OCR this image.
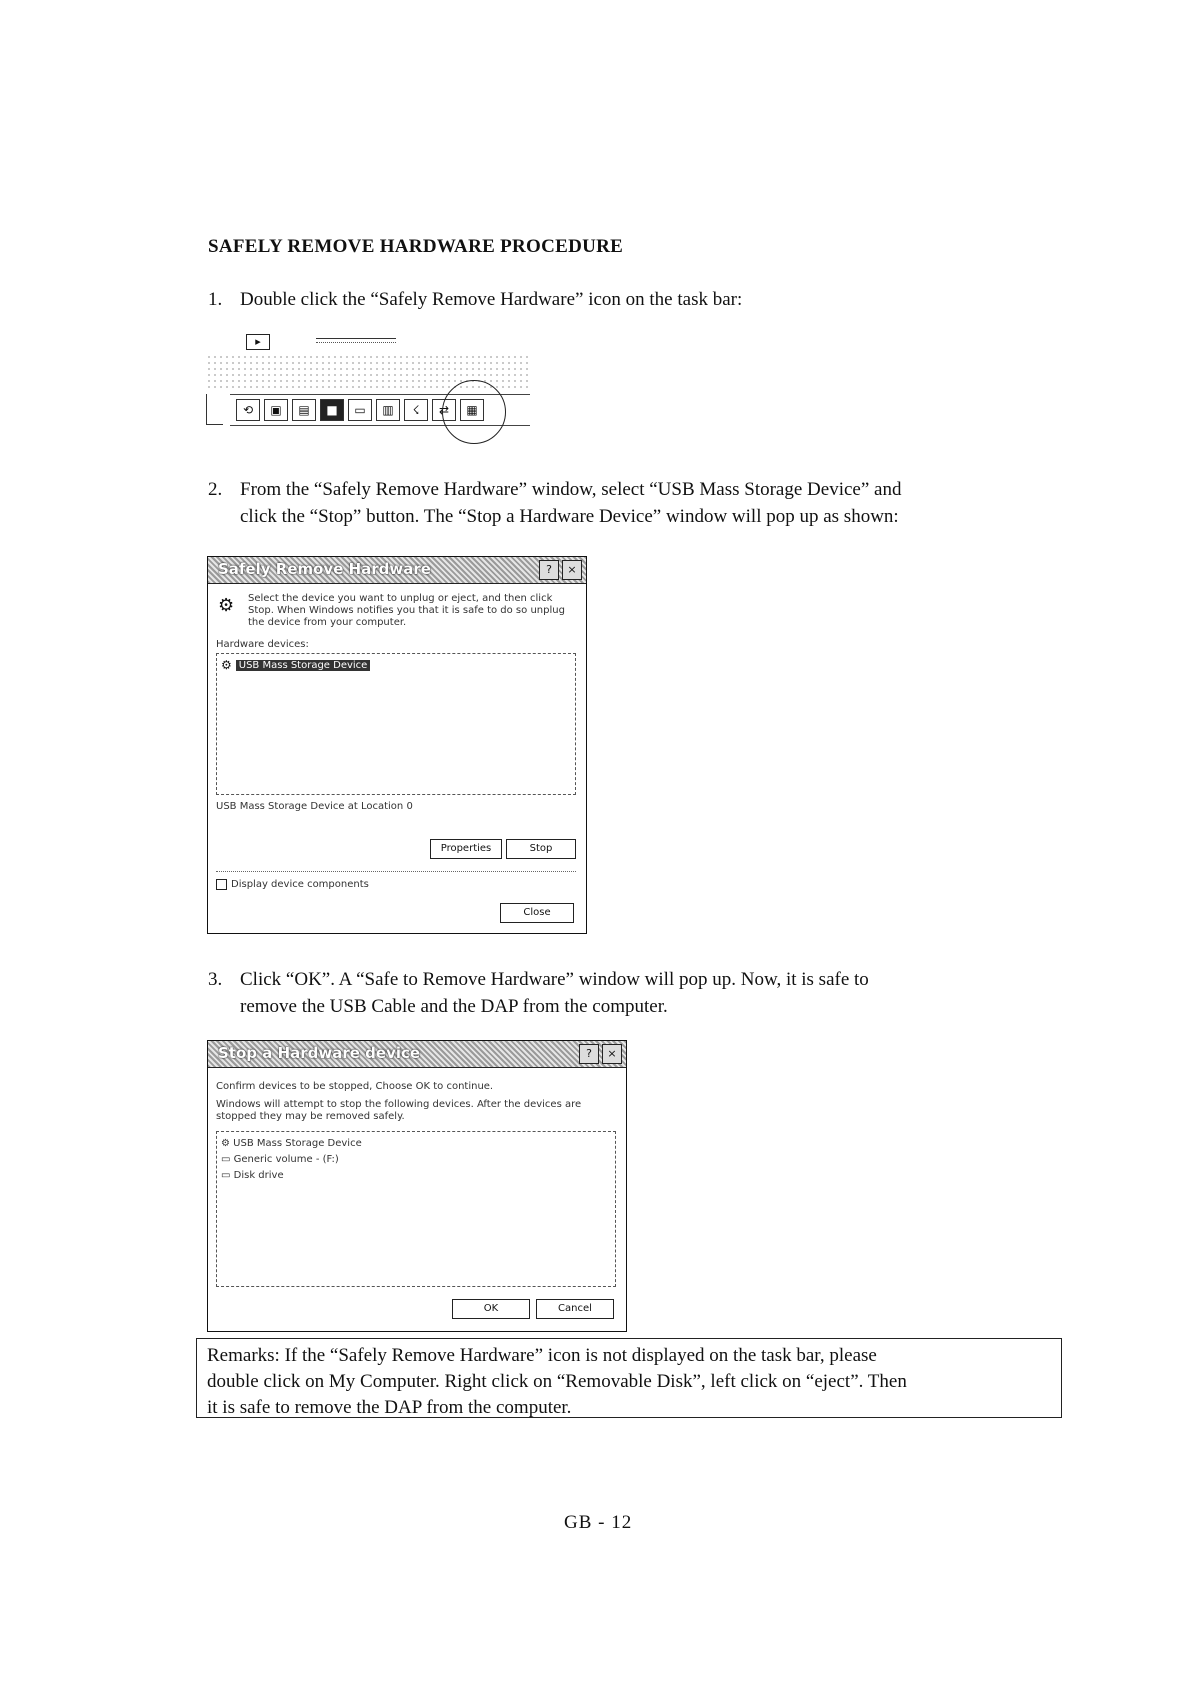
SAFELY REMOVE HARDWARE PROCEDURE
1. Double click the “Safely Remove Hardware” icon on the task bar:
▸
⟲	▣	▤	■	▭	▥	☇	⇄	▦
2. From the “Safely Remove Hardware” window, select “USB Mass Storage Device” and
click the “Stop” button. The “Stop a Hardware Device” window will pop up as shown:
Safely Remove Hardware	?	×
⚙	Select the device you want to unplug or eject, and then click Stop. When Windows notifies you that it is safe to do so unplug the device from your computer.
Hardware devices:
⚙ USB Mass Storage Device
USB Mass Storage Device at Location 0
Properties	Stop
Display device components
Close
3. Click “OK”. A “Safe to Remove Hardware” window will pop up. Now, it is safe to
remove the USB Cable and the DAP from the computer.
Stop a Hardware device	?	×
Confirm devices to be stopped, Choose OK to continue.
Windows will attempt to stop the following devices. After the devices are stopped they may be removed safely.
⚙ USB Mass Storage Device
▭ Generic volume - (F:)
▭ Disk drive
OK	Cancel
Remarks: If the “Safely Remove Hardware” icon is not displayed on the task bar, please
double click on My Computer. Right click on “Removable Disk”, left click on “eject”. Then
it is safe to remove the DAP from the computer.
GB - 12
